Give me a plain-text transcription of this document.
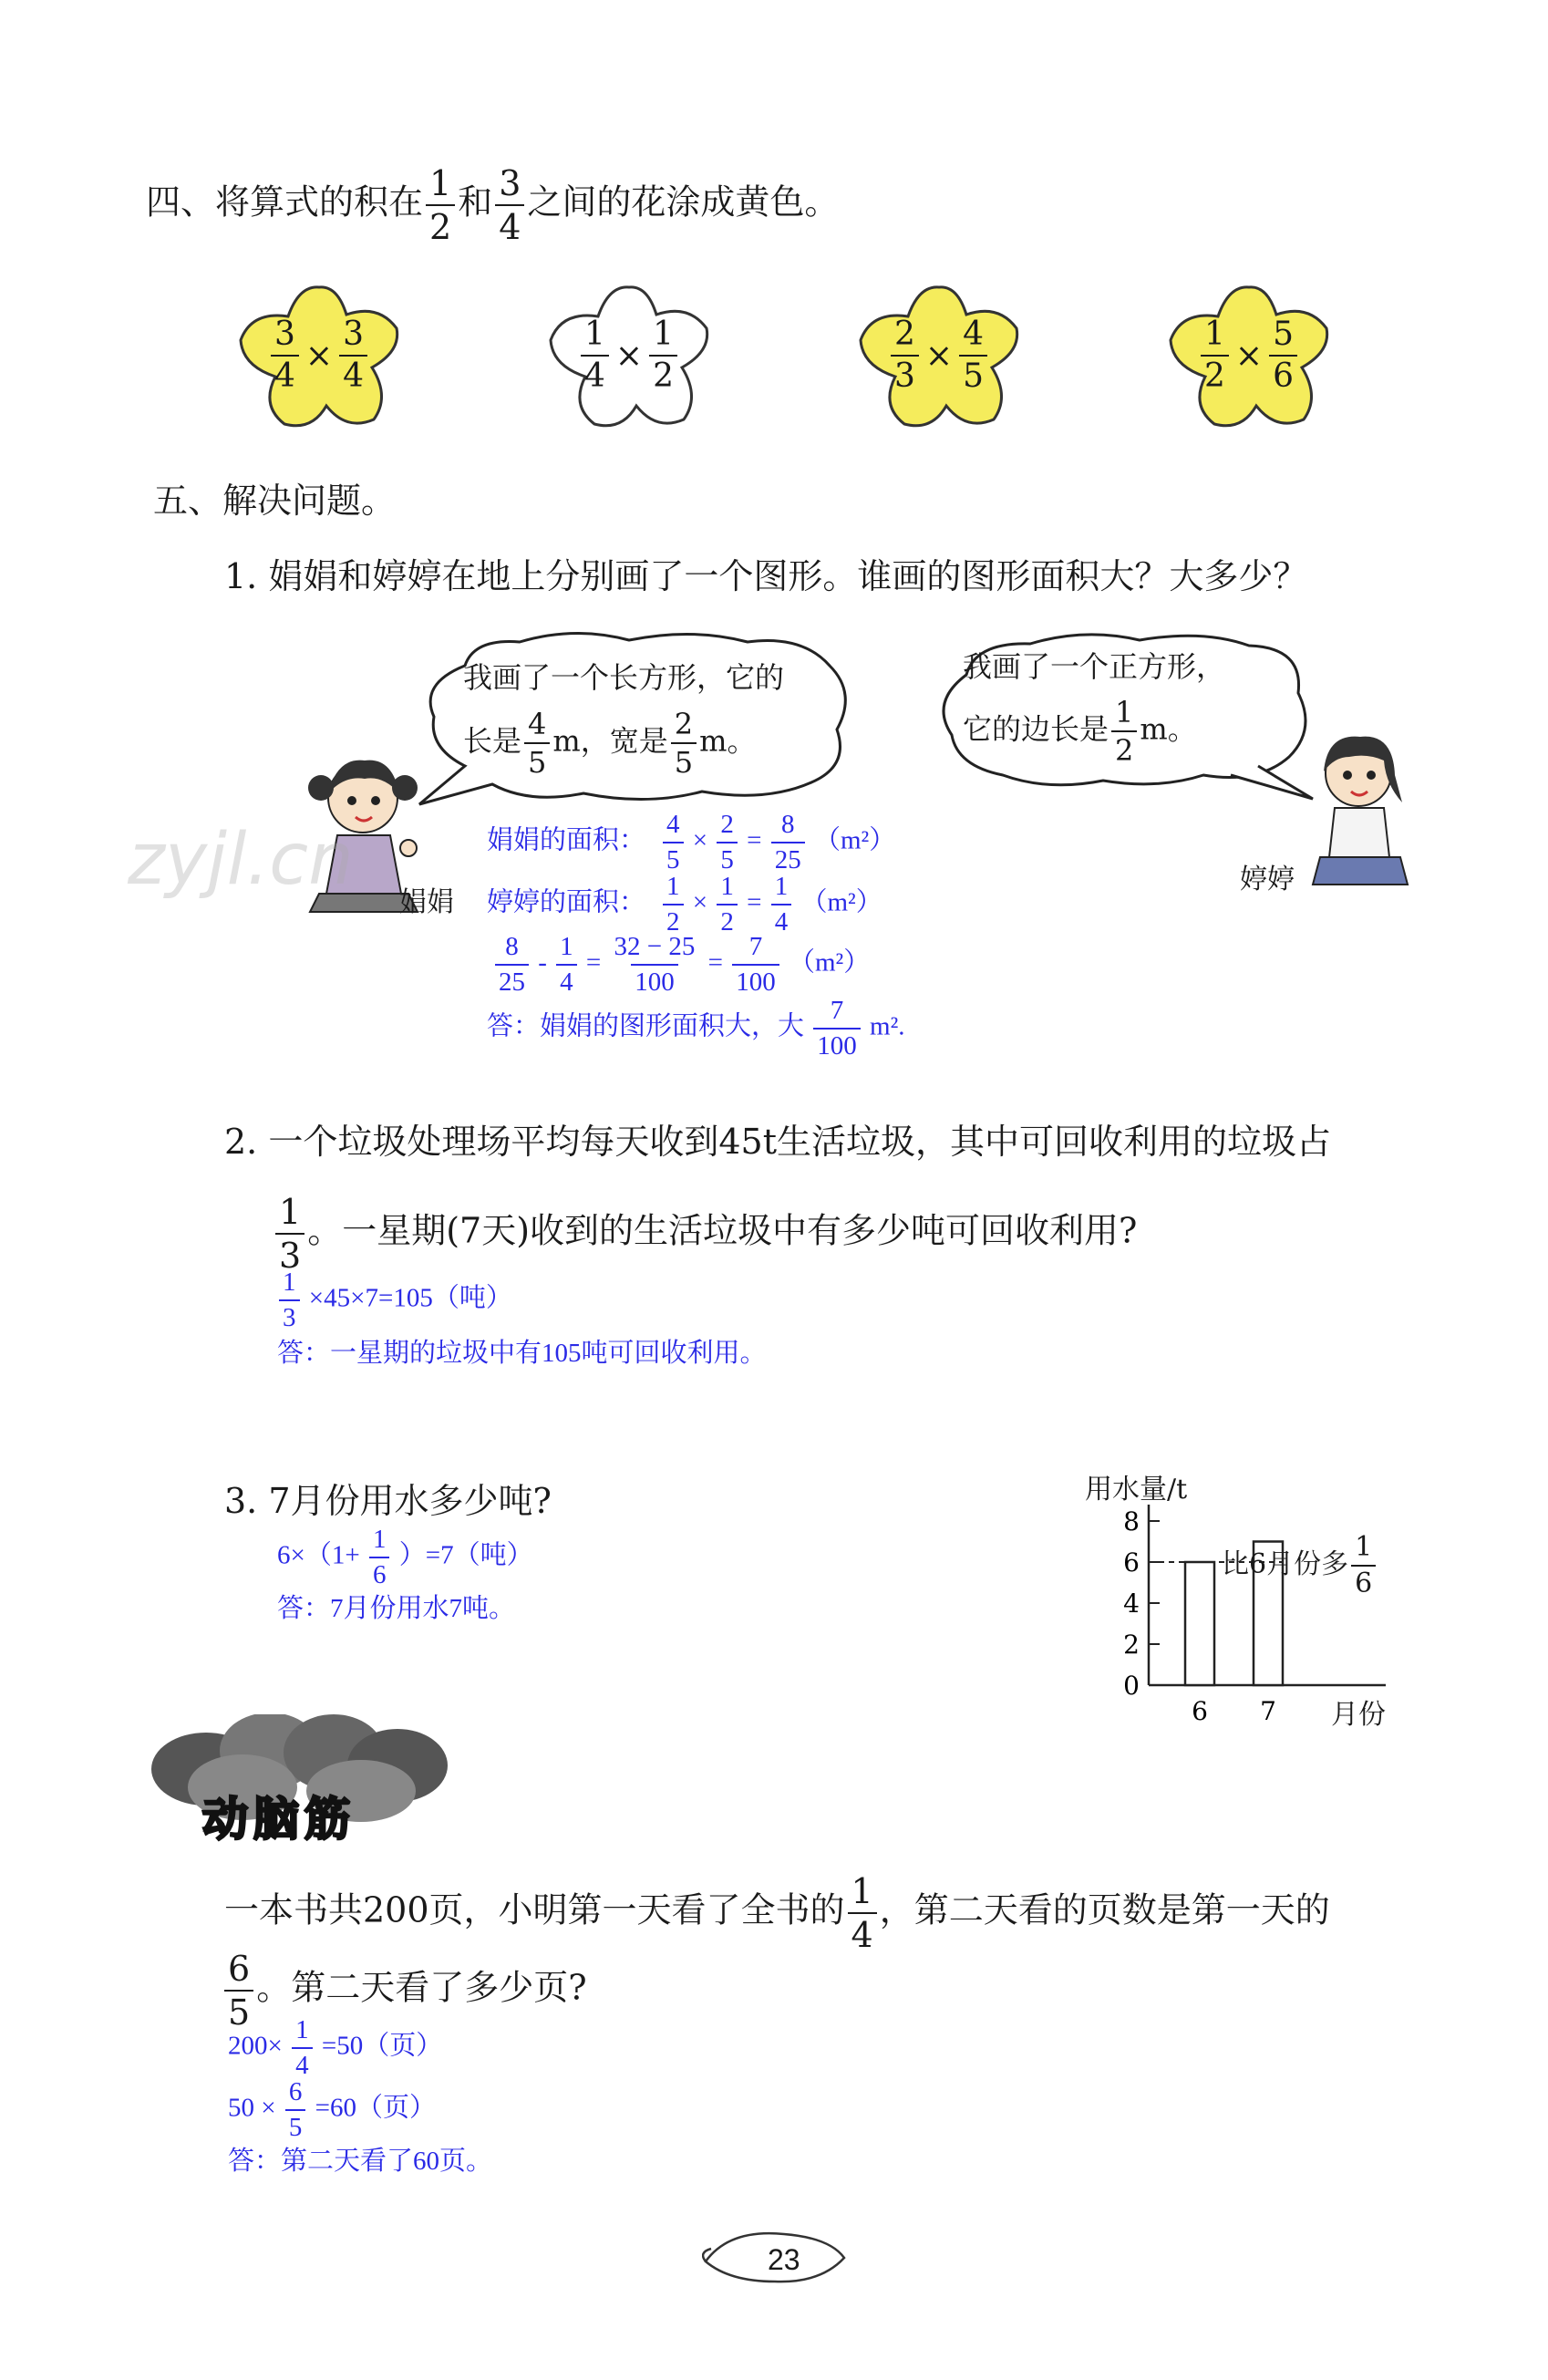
四、将算式的积在 $\frac{1}{2}$ 和 $\frac{3}{4}$ 之间的花涂成黄色。
$\frac{3}{4} \times \frac{3}{4}$	$\frac{1}{4} \times \frac{1}{2}$	$\frac{2}{3} \times \frac{4}{5}$	$\frac{1}{2} \times \frac{5}{6}$
五、解决问题。
1. 娟娟和婷婷在地上分别画了一个图形。谁画的图形面积大？大多少？
我画了一个长方形，它的
长是 $\frac{4}{5}$ m，宽是 $\frac{2}{5}$ m。
我画了一个正方形，
它的边长是 $\frac{1}{2}$ m。
娟娟
婷婷
zyjl.cn	娟娟的面积： $\frac{4}{5} \times \frac{2}{5} = \frac{8}{25} (m^2)$
婷婷的面积： $\frac{1}{2} \times \frac{1}{2} = \frac{1}{4} (m^2)$
$\frac{8}{25} - \frac{1}{4} = \frac{32 - 25}{100} = \frac{7}{100} (m^2)$
答：娟娟的图形面积大，大 $\frac{7}{100} m^2$.
2. 一个垃圾处理场平均每天收到45t生活垃圾，其中可回收利用的垃圾占
$\frac{1}{3}$ 。一星期(7天)收到的生活垃圾中有多少吨可回收利用?
$\frac{1}{3} \times 45\times 7=105$（吨）
答：一星期的垃圾中有105吨可回收利用。
3. 7月份用水多少吨?
$6\times(1+ \frac{1}{6} )=7$（吨）
答：7月份用水7吨。
用水量/t
0
2
4
6
8
6 7
比6月份多 $\frac{1}{6}$
月份
动脑筋
一本书共200页，小明第一天看了全书的 $\frac{1}{4}$ ，第二天看的页数是第一天的
$\frac{6}{5}$ 。第二天看了多少页?
$200\times \frac{1}{4} =50$（页）
$50 \times \frac{6}{5} =60$（页）
答：第二天看了60页。
23
